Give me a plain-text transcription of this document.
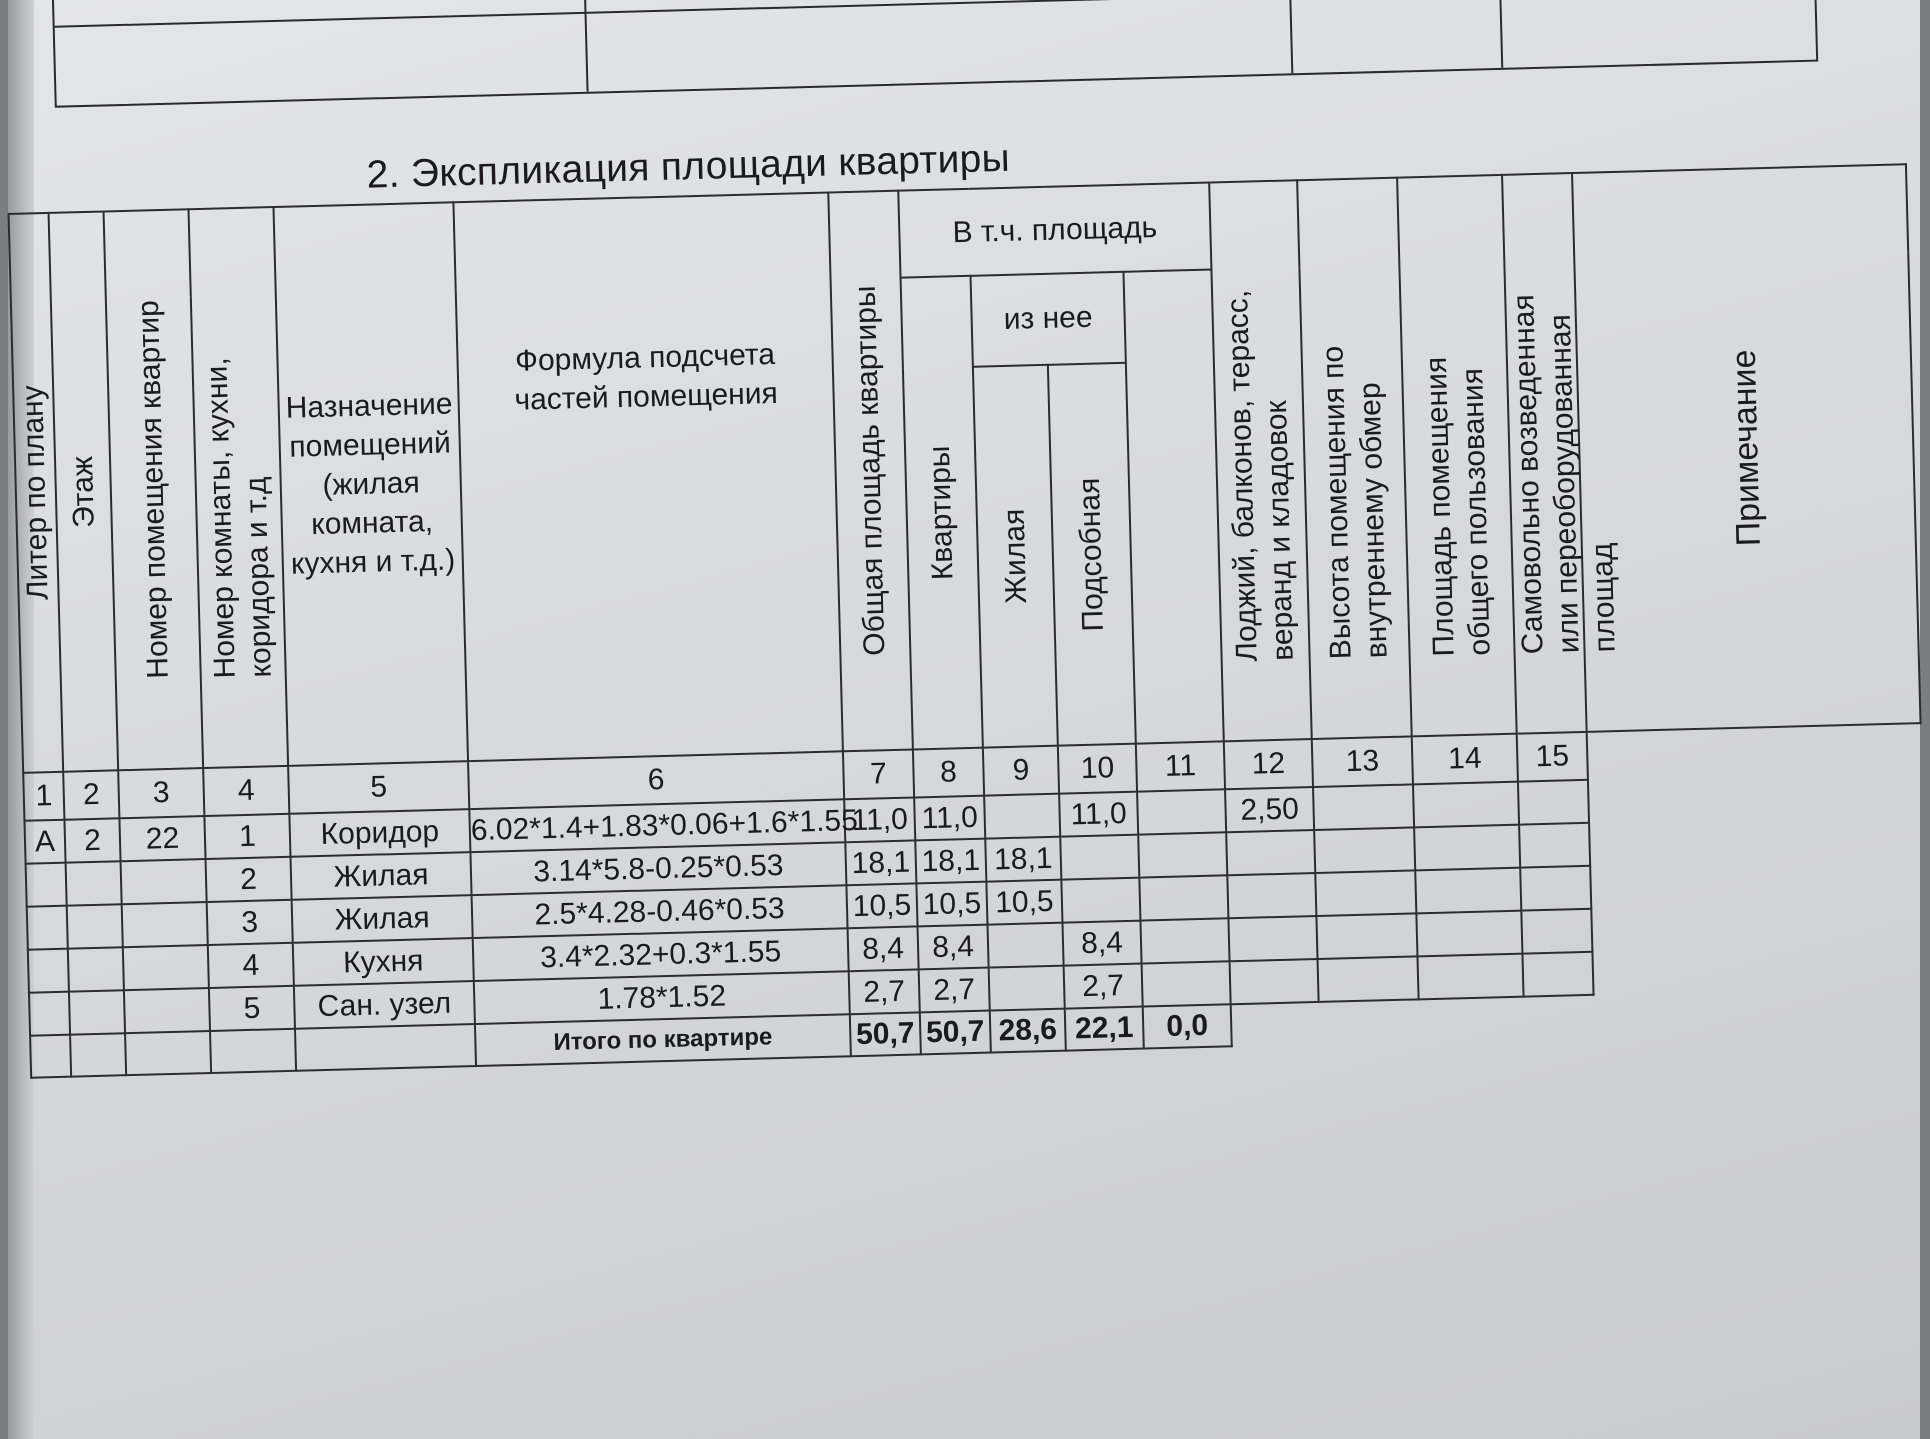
2. Экспликация площади квартиры
Литер по плану	Этаж	Номер помещения квартир	Номер комнаты, кухни, коридора и т.д	Назначение помещений (жилая комната, кухня и т.д.)	Формула подсчета частей помещения	Общая площадь квартиры	В т.ч. площадь				Лоджий, балконов, терасс, веранд и кладовок	Высота помещения по внутреннему обмер	Площадь помещения общего пользования	Самовольно возведенная или переоборудованная площад	Примечание
							Квартиры	из нее							
								Жилая	Подсобная						
1	2	3	4	5	6	7	8	9	10	11	12	13	14	15	
А	2	22	1	Коридор	6.02*1.4+1.83*0.06+1.6*1.55	11,0	11,0		11,0		2,50				
			2	Жилая	3.14*5.8-0.25*0.53	18,1	18,1	18,1							
			3	Жилая	2.5*4.28-0.46*0.53	10,5	10,5	10,5							
			4	Кухня	3.4*2.32+0.3*1.55	8,4	8,4		8,4						
			5	Сан. узел	1.78*1.52	2,7	2,7		2,7						
					Итого по квартире	50,7	50,7	28,6	22,1	0,0					
